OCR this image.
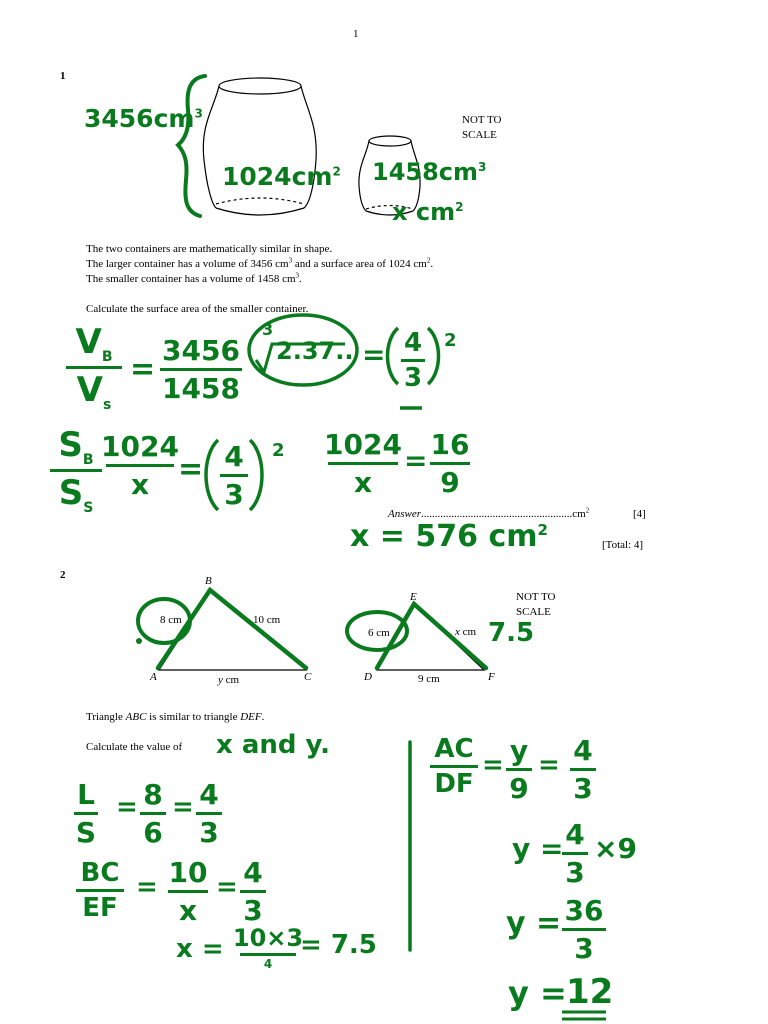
1
1
NOT TO
SCALE
$3456cm^3$
$1024cm^2$ $1458cm^3$
x $cm^2$
The two containers are mathematically similar in shape.
The larger container has a volume of 3456 $cm^3$ and a surface area of 1024 $cm^2$.
The smaller container has a volume of 1458 $cm^3$.
Calculate the surface area of the smaller container.
$V_B$
$V_s$
=
3456
1458
3
2.37.. = 4
3
2
$S_B$
$S_S$
1024
x = 4
3
2 1024
x
= 16
9
$Answer.......................................................cm^2$	[4]
x = 576 $cm^2$
[Total: 4]
2	B
A	C
8 cm	10 cm
y cm
E
D	F
6 cm	x cm
9 cm
NOT TO
SCALE
7.5
Triangle ABC is similar to triangle DEF.
Calculate the value of x and y.
L
S
= 8
6
= 4
3
BC
EF
= 10
x
= 4
3
x = 10×3
4
= 7.5
AC
DF
= y
9
= 4
3
y = 4
3
×9
y = 36
3
y = 12
